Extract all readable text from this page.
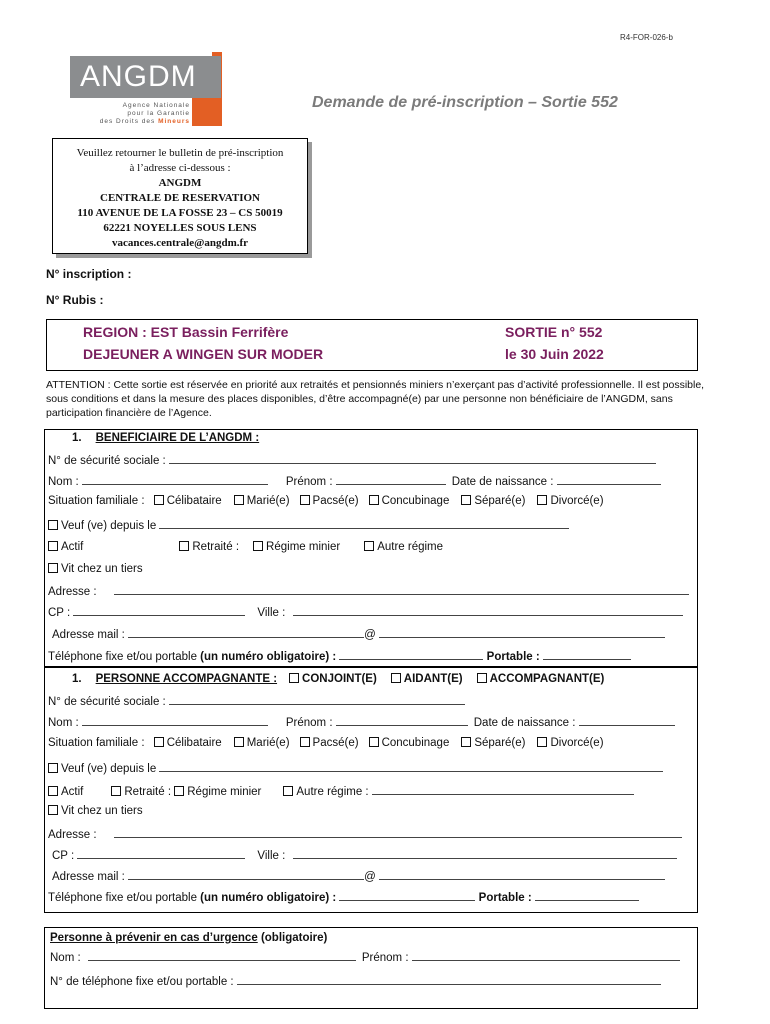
R4-FOR-026-b
ANGDM
Agence Nationale
pour la Garantie
des Droits des Mineurs
Demande de pré-inscription – Sortie 552
Veuillez retourner le bulletin de pré-inscription
à l’adresse ci-dessous :
ANGDM
CENTRALE DE RESERVATION
110 AVENUE DE LA FOSSE 23 – CS 50019
62221 NOYELLES SOUS LENS
vacances.centrale@angdm.fr
N° inscription :
N° Rubis :
REGION : EST Bassin Ferrifère
DEJEUNER A WINGEN SUR MODER
SORTIE n° 552
le 30 Juin 2022
ATTENTION : Cette sortie est réservée en priorité aux retraités et pensionnés miniers n’exerçant pas d’activité professionnelle. Il est possible, sous conditions et dans la mesure des places disponibles, d’être accompagné(e) par une personne non bénéficiaire de l’ANGDM, sans participation financière de l’Agence.
1. BENEFICIAIRE DE L’ANGDM :
N° de sécurité sociale :
Nom :	Prénom :	Date de naissance :
Situation familiale : Célibataire Marié(e) Pacsé(e) Concubinage Séparé(e) Divorcé(e)
Veuf (ve) depuis le
Actif	Retraité : Régime minier	Autre régime
Vit chez un tiers
Adresse :
CP :	Ville :
Adresse mail :	@
Téléphone fixe et/ou portable (un numéro obligatoire) :	Portable :
1. PERSONNE ACCOMPAGNANTE : CONJOINT(E) AIDANT(E) ACCOMPAGNANT(E)
N° de sécurité sociale :
Nom :	Prénom :	Date de naissance :
Situation familiale : Célibataire Marié(e) Pacsé(e) Concubinage Séparé(e) Divorcé(e)
Veuf (ve) depuis le
Actif	Retraité : Régime minier	Autre régime :
Vit chez un tiers
Adresse :
CP :	Ville :
Adresse mail :	@
Téléphone fixe et/ou portable (un numéro obligatoire) :	Portable :
Personne à prévenir en cas d’urgence (obligatoire)
Nom :	Prénom :
N° de téléphone fixe et/ou portable :
